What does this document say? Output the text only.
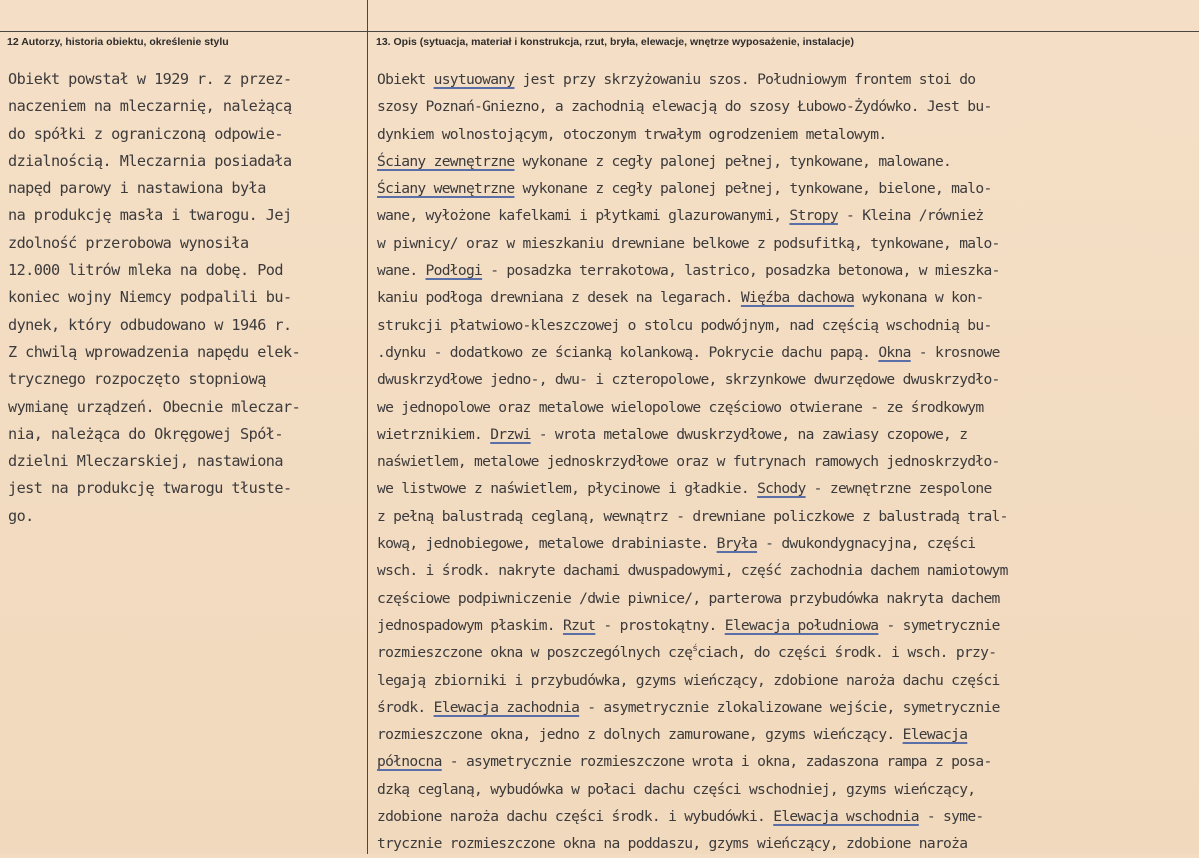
12 Autorzy, historia obiektu, określenie stylu	13. Opis (sytuacja, materiał i konstrukcja, rzut, bryła, elewacje, wnętrze wyposażenie, instalacje)
Obiekt powstał w 1929 r. z przez-
naczeniem na mleczarnię, należącą
do spółki z ograniczoną odpowie-
dzialnością. Mleczarnia posiadała
napęd parowy i nastawiona była
na produkcję masła i twarogu. Jej
zdolność przerobowa wynosiła
12.000 litrów mleka na dobę. Pod
koniec wojny Niemcy podpalili bu-
dynek, który odbudowano w 1946 r.
Z chwilą wprowadzenia napędu elek-
trycznego rozpoczęto stopniową
wymianę urządzeń. Obecnie mleczar-
nia, należąca do Okręgowej Spół-
dzielni Mleczarskiej, nastawiona
jest na produkcję twarogu tłuste-
go.
Obiekt usytuowany jest przy skrzyżowaniu szos. Południowym frontem stoi do
szosy Poznań-Gniezno, a zachodnią elewacją do szosy Łubowo-Żydówko. Jest bu-
dynkiem wolnostojącym, otoczonym trwałym ogrodzeniem metalowym.
Ściany zewnętrzne wykonane z cegły palonej pełnej, tynkowane, malowane.
Ściany wewnętrzne wykonane z cegły palonej pełnej, tynkowane, bielone, malo-
wane, wyłożone kafelkami i płytkami glazurowanymi, Stropy - Kleina /również
w piwnicy/ oraz w mieszkaniu drewniane belkowe z podsufitką, tynkowane, malo-
wane. Podłogi - posadzka terrakotowa, lastrico, posadzka betonowa, w mieszka-
kaniu podłoga drewniana z desek na legarach. Więźba dachowa wykonana w kon-
strukcji płatwiowo-kleszczowej o stolcu podwójnym, nad częścią wschodnią bu-
.dynku - dodatkowo ze ścianką kolankową. Pokrycie dachu papą. Okna - krosnowe
dwuskrzydłowe jedno-, dwu- i czteropolowe, skrzynkowe dwurzędowe dwuskrzydło-
we jednopolowe oraz metalowe wielopolowe częściowo otwierane - ze środkowym
wietrznikiem. Drzwi - wrota metalowe dwuskrzydłowe, na zawiasy czopowe, z
naświetlem, metalowe jednoskrzydłowe oraz w futrynach ramowych jednoskrzydło-
we listwowe z naświetlem, płycinowe i gładkie. Schody - zewnętrzne zespolone
z pełną balustradą ceglaną, wewnątrz - drewniane policzkowe z balustradą tral-
kową, jednobiegowe, metalowe drabiniaste. Bryła - dwukondygnacyjna, części
wsch. i środk. nakryte dachami dwuspadowymi, część zachodnia dachem namiotowym
częściowe podpiwniczenie /dwie piwnice/, parterowa przybudówka nakryta dachem
jednospadowym płaskim. Rzut - prostokątny. Elewacja południowa - symetrycznie
rozmieszczone okna w poszczególnych czę$^ś$ciach, do części środk. i wsch. przy-
legają zbiorniki i przybudówka, gzyms wieńczący, zdobione naroża dachu części
środk. Elewacja zachodnia - asymetrycznie zlokalizowane wejście, symetrycznie
rozmieszczone okna, jedno z dolnych zamurowane, gzyms wieńczący. Elewacja
północna - asymetrycznie rozmieszczone wrota i okna, zadaszona rampa z posa-
dzką ceglaną, wybudówka w połaci dachu części wschodniej, gzyms wieńczący,
zdobione naroża dachu części środk. i wybudówki. Elewacja wschodnia - syme-
trycznie rozmieszczone okna na poddaszu, gzyms wieńczący, zdobione naroża
